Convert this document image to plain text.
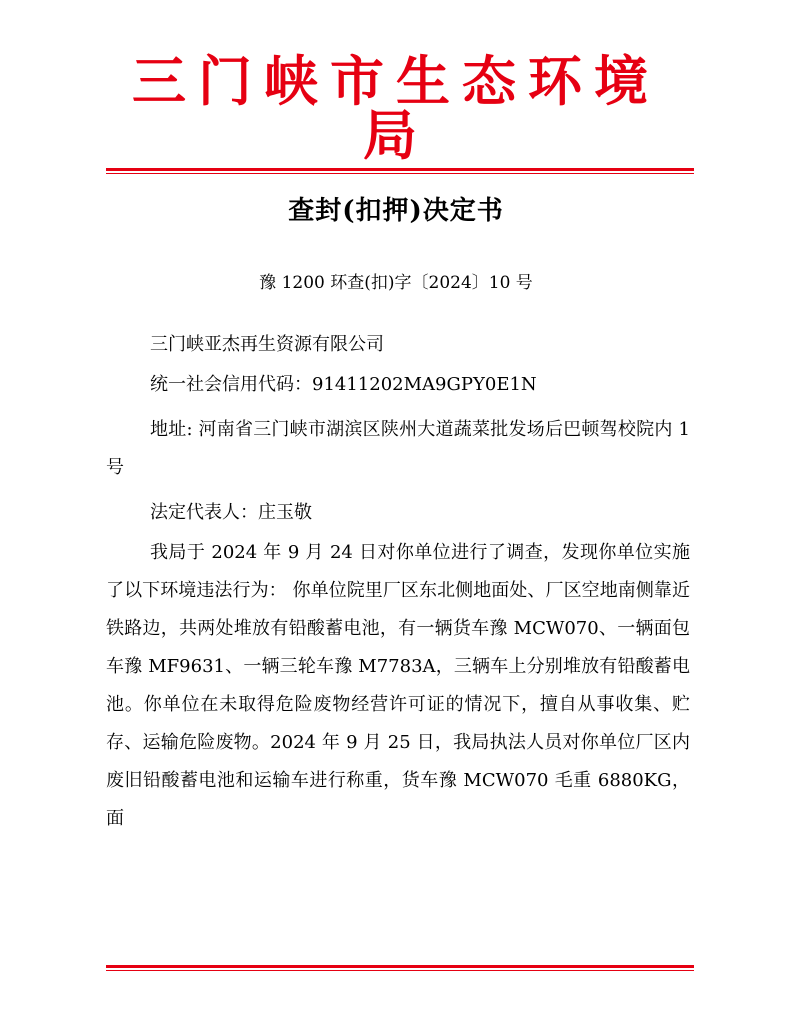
三门峡市生态环境
局
查封(扣押)决定书
豫 1200 环查(扣)字〔2024〕10 号

三门峡亚杰再生资源有限公司

统一社会信用代码：91411202MA9GPY0E1N

地址: 河南省三门峡市湖滨区陕州大道蔬菜批发场后巴顿驾校院内 1 号

法定代表人：庄玉敬

我局于 2024 年 9 月 24 日对你单位进行了调查，发现你单位实施了以下环境违法行为： 你单位院里厂区东北侧地面处、厂区空地南侧靠近铁路边，共两处堆放有铅酸蓄电池，有一辆货车豫 MCW070、一辆面包车豫 MF9631、一辆三轮车豫 M7783A，三辆车上分别堆放有铅酸蓄电池。你单位在未取得危险废物经营许可证的情况下，擅自从事收集、贮存、运输危险废物。2024 年 9 月 25 日，我局执法人员对你单位厂区内废旧铅酸蓄电池和运输车进行称重，货车豫 MCW070 毛重 6880KG，面
